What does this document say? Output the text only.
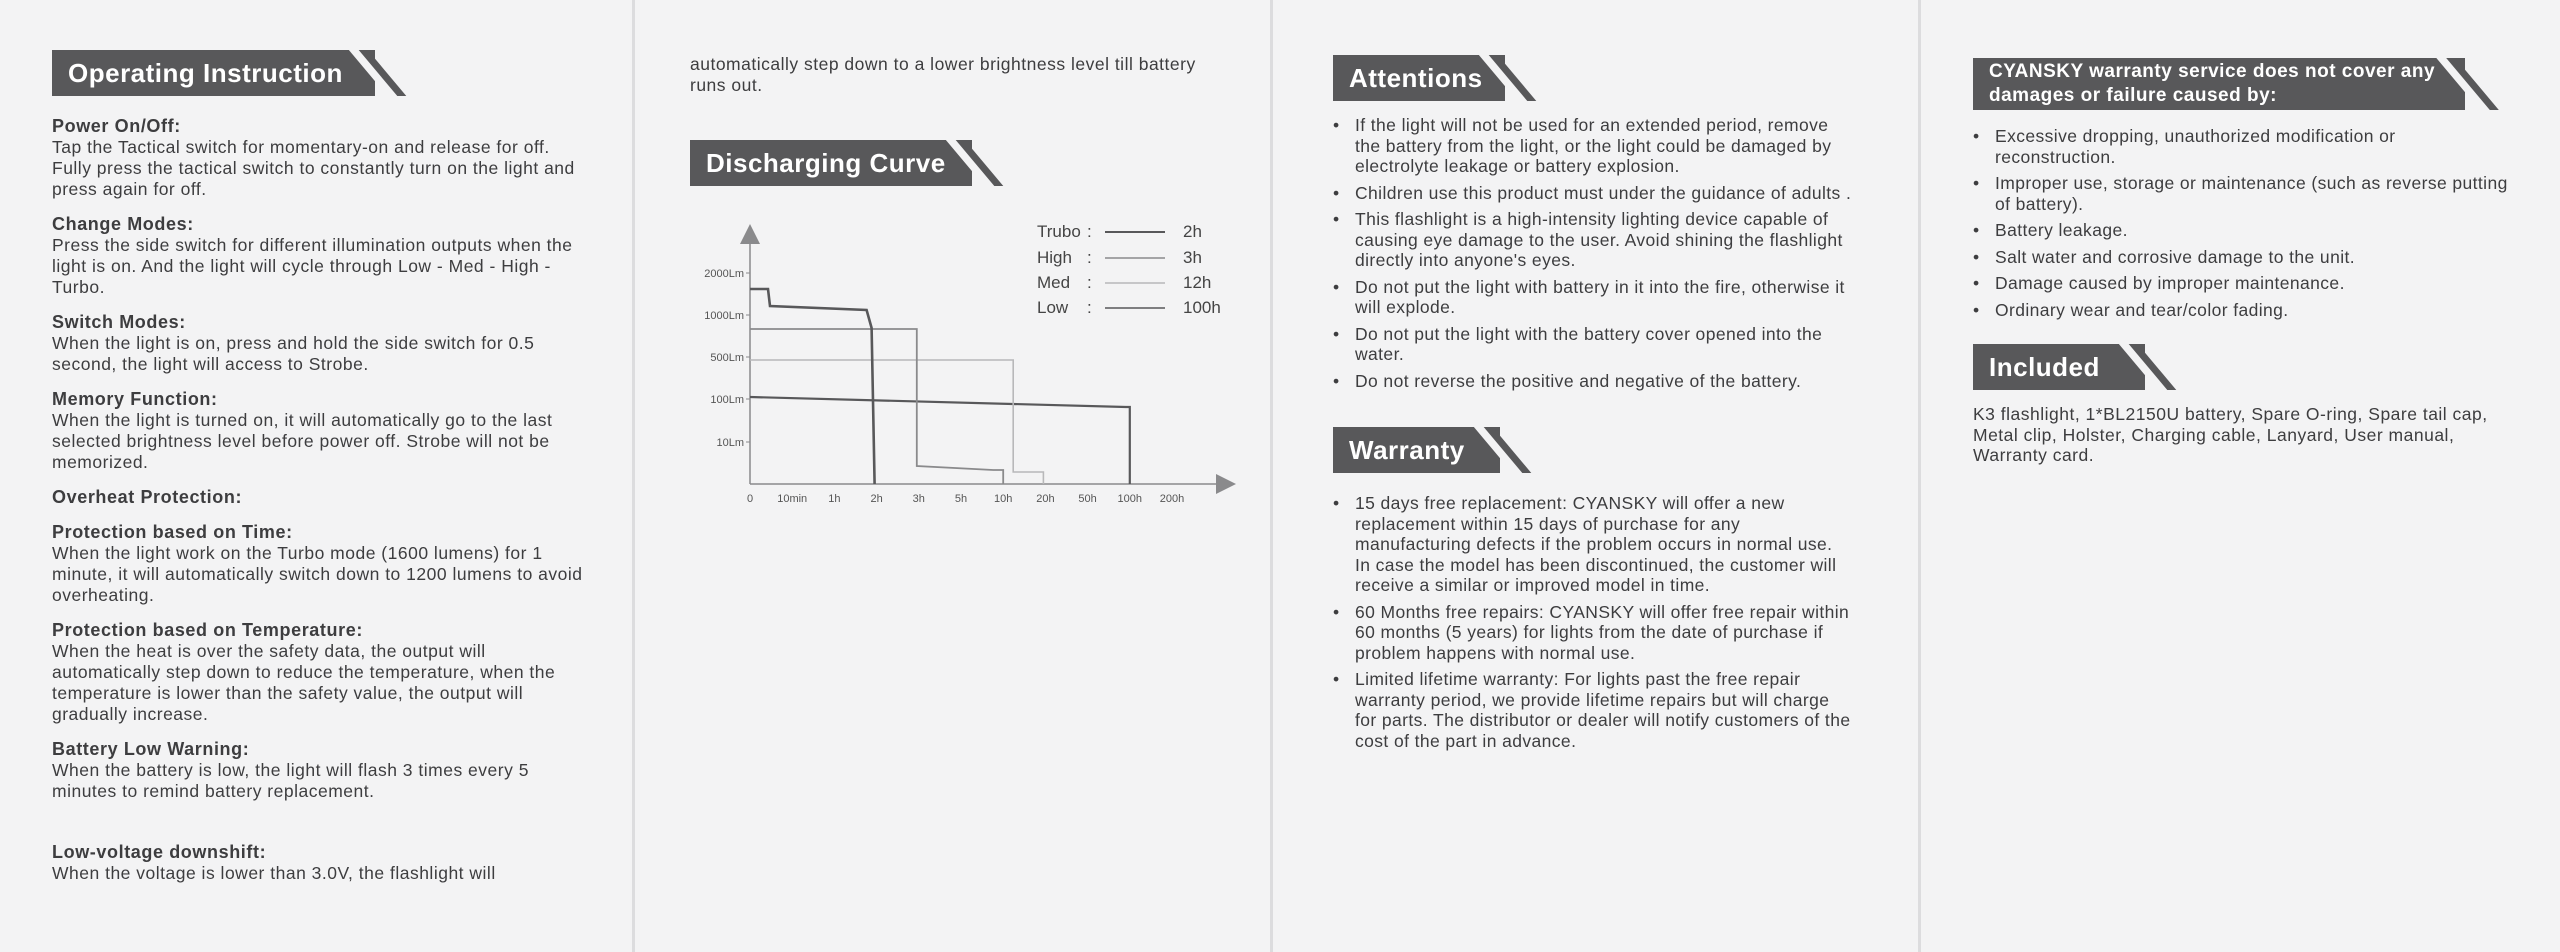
Operating Instruction
Power On/Off:
Tap the Tactical switch for momentary-on and release for off. Fully press the tactical switch to constantly turn on the light and press again for off.
Change Modes:
Press the side switch for different illumination outputs when the light is on. And the light will cycle through Low - Med - High - Turbo.
Switch Modes:
When the light is on, press and hold the side switch for 0.5 second, the light will access to Strobe.
Memory Function:
When the light is turned on, it will automatically go to the last selected brightness level before power off. Strobe will not be memorized.
Overheat Protection:
Protection based on Time:
When the light work on the Turbo mode (1600 lumens) for 1 minute, it will automatically switch down to 1200 lumens to avoid overheating.
Protection based on Temperature:
When the heat is over the safety data, the output will automatically step down to reduce the temperature, when the temperature is lower than the safety value, the output will gradually increase.
Battery Low Warning:
When the battery is low, the light will flash 3 times every 5 minutes to remind battery replacement.
Low-voltage downshift:
When the voltage is lower than 3.0V, the flashlight will
automatically step down to a lower brightness level till battery runs out.
Discharging Curve
10Lm
100Lm
500Lm
1000Lm
2000Lm
0 10min 1h	2h	3h	5h 10h 20h 50h 100h 200h
Trubo :	2h
High :	3h
Med :	12h
Low :	100h
Attentions
• If the light will not be used for an extended period, remove the battery from the light, or the light could be damaged by electrolyte leakage or battery explosion.
• Children use this product must under the guidance of adults .
• This flashlight is a high-intensity lighting device capable of causing eye damage to the user. Avoid shining the flashlight directly into anyone's eyes.
• Do not put the light with battery in it into the fire, otherwise it will explode.
• Do not put the light with the battery cover opened into the water.
• Do not reverse the positive and negative of the battery.
Warranty
• 15 days free replacement: CYANSKY will offer a new replacement within 15 days of purchase for any manufacturing defects if the problem occurs in normal use. In case the model has been discontinued, the customer will receive a similar or improved model in time.
• 60 Months free repairs: CYANSKY will offer free repair within 60 months (5 years) for lights from the date of purchase if problem happens with normal use.
• Limited lifetime warranty: For lights past the free repair warranty period, we provide lifetime repairs but will charge for parts. The distributor or dealer will notify customers of the cost of the part in advance.
CYANSKY warranty service does not cover any
damages or failure caused by:
• Excessive dropping, unauthorized modification or reconstruction.
• Improper use, storage or maintenance (such as reverse putting of battery).
• Battery leakage.
• Salt water and corrosive damage to the unit.
• Damage caused by improper maintenance.
• Ordinary wear and tear/color fading.
Included
K3 flashlight, 1*BL2150U battery, Spare O-ring, Spare tail cap, Metal clip, Holster, Charging cable, Lanyard, User manual, Warranty card.
